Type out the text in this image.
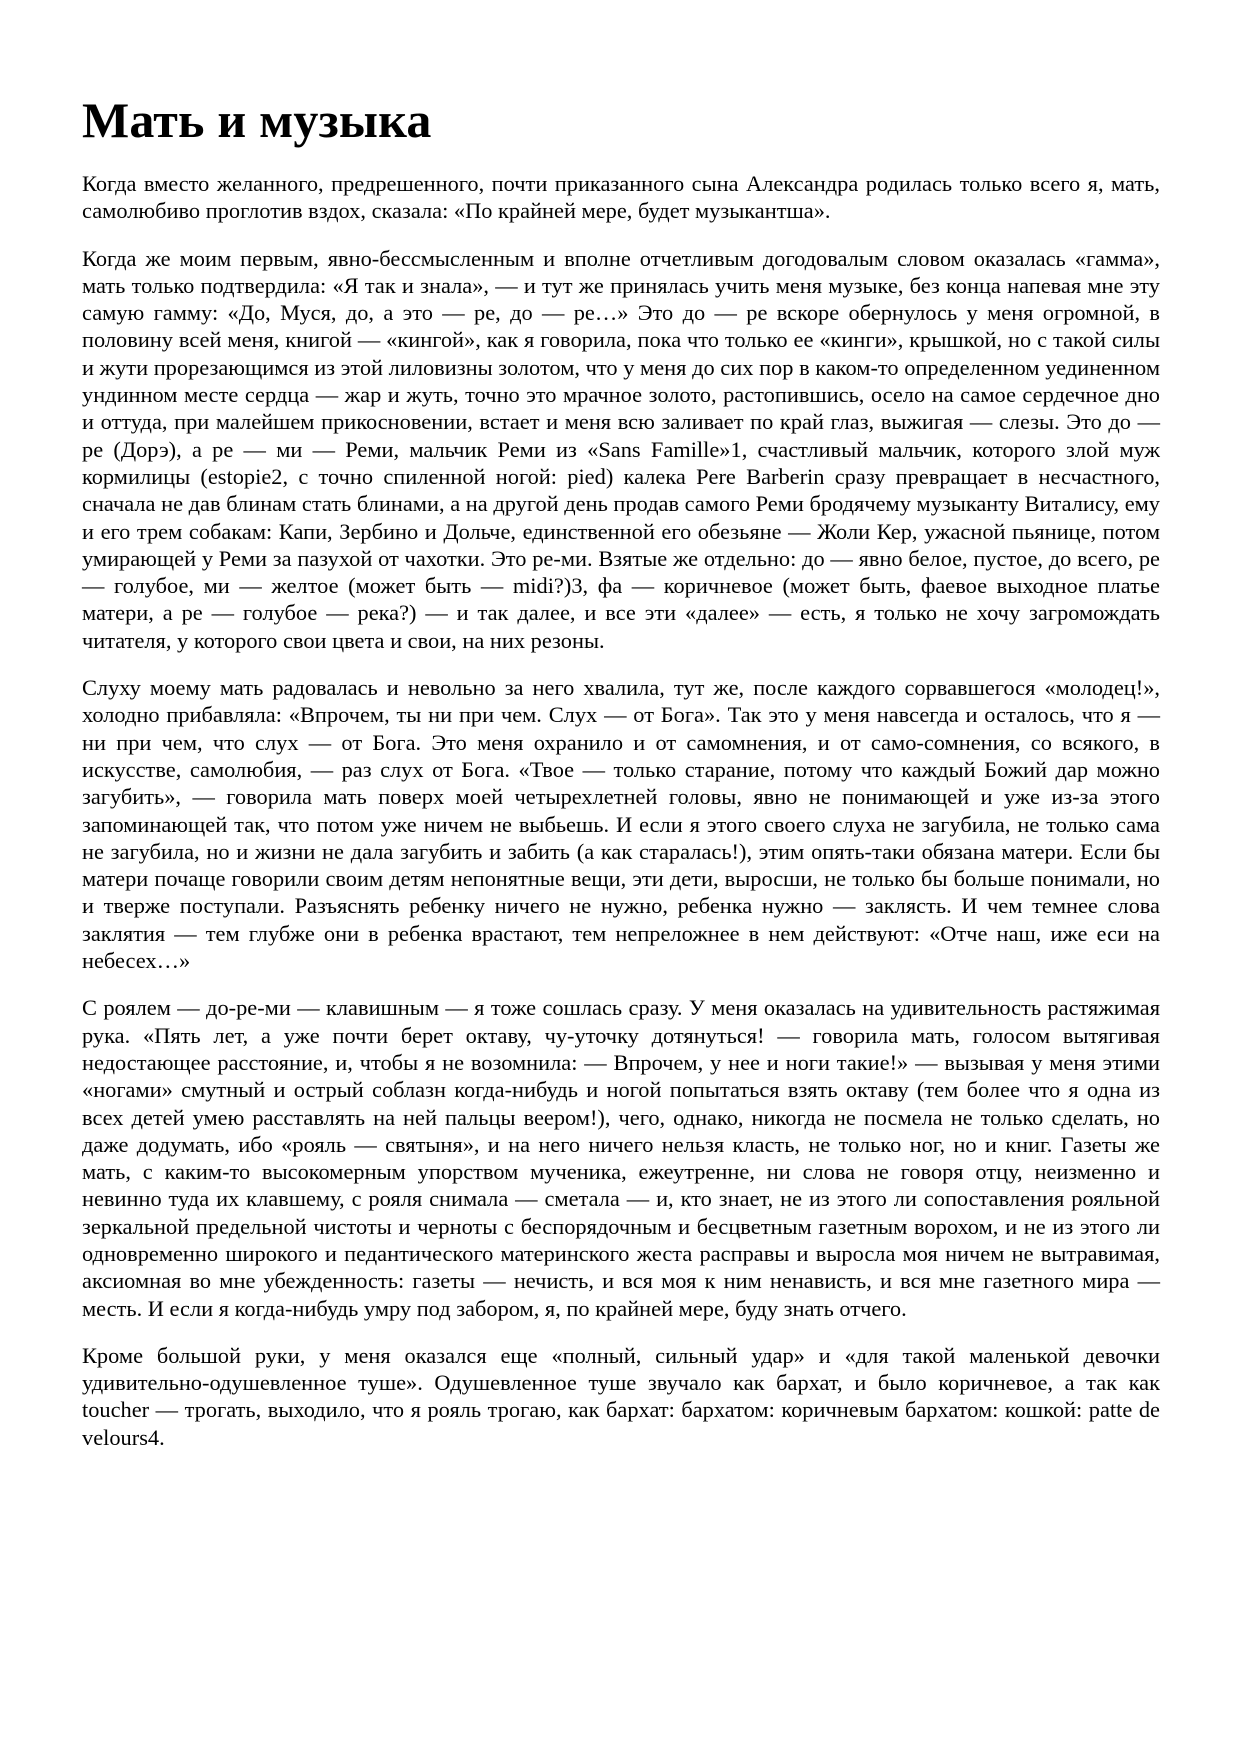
Мать и музыка

Когда вместо желанного, предрешенного, почти приказанного сына Александра родилась только всего я, мать, самолюбиво проглотив вздох, сказала: «По крайней мере, будет музыкантша».

Когда же моим первым, явно-бессмысленным и вполне отчетливым догодовалым словом оказалась «гамма», мать только подтвердила: «Я так и знала», — и тут же принялась учить меня музыке, без конца напевая мне эту самую гамму: «До, Муся, до, а это — ре, до — ре…» Это до — ре вскоре обернулось у меня огромной, в половину всей меня, книгой — «кингой», как я говорила, пока что только ее «кинги», крышкой, но с такой силы и жути прорезающимся из этой лиловизны золотом, что у меня до сих пор в каком-то определенном уединенном ундинном месте сердца — жар и жуть, точно это мрачное золото, растопившись, осело на самое сердечное дно и оттуда, при малейшем прикосновении, встает и меня всю заливает по край глаз, выжигая — слезы. Это до — ре (Дорэ), а ре — ми — Реми, мальчик Реми из «Sans Famille»1, счастливый мальчик, которого злой муж кормилицы (estopie2, с точно спиленной ногой: pied) калека Pere Barberin сразу превращает в несчастного, сначала не дав блинам стать блинами, а на другой день продав самого Реми бродячему музыканту Виталису, ему и его трем собакам: Капи, Зербино и Дольче, единственной его обезьяне — Жоли Кер, ужасной пьянице, потом умирающей у Реми за пазухой от чахотки. Это ре-ми. Взятые же отдельно: до — явно белое, пустое, до всего, ре — голубое, ми — желтое (может быть — midi?)3, фа — коричневое (может быть, фаевое выходное платье матери, а ре — голубое — река?) — и так далее, и все эти «далее» — есть, я только не хочу загромождать читателя, у которого свои цвета и свои, на них резоны.

Слуху моему мать радовалась и невольно за него хвалила, тут же, после каждого сорвавшегося «молодец!», холодно прибавляла: «Впрочем, ты ни при чем. Слух — от Бога». Так это у меня навсегда и осталось, что я — ни при чем, что слух — от Бога. Это меня охранило и от самомнения, и от само-сомнения, со всякого, в искусстве, самолюбия, — раз слух от Бога. «Твое — только старание, потому что каждый Божий дар можно загубить», — говорила мать поверх моей четырехлетней головы, явно не понимающей и уже из-за этого запоминающей так, что потом уже ничем не выбьешь. И если я этого своего слуха не загубила, не только сама не загубила, но и жизни не дала загубить и забить (а как старалась!), этим опять-таки обязана матери. Если бы матери почаще говорили своим детям непонятные вещи, эти дети, выросши, не только бы больше понимали, но и тверже поступали. Разъяснять ребенку ничего не нужно, ребенка нужно — заклясть. И чем темнее слова заклятия — тем глубже они в ребенка врастают, тем непреложнее в нем действуют: «Отче наш, иже еси на небесех…»

С роялем — до-ре-ми — клавишным — я тоже сошлась сразу. У меня оказалась на удивительность растяжимая рука. «Пять лет, а уже почти берет октаву, чу-уточку дотянуться! — говорила мать, голосом вытягивая недостающее расстояние, и, чтобы я не возомнила: — Впрочем, у нее и ноги такие!» — вызывая у меня этими «ногами» смутный и острый соблазн когда-нибудь и ногой попытаться взять октаву (тем более что я одна из всех детей умею расставлять на ней пальцы веером!), чего, однако, никогда не посмела не только сделать, но даже додумать, ибо «рояль — святыня», и на него ничего нельзя класть, не только ног, но и книг. Газеты же мать, с каким-то высокомерным упорством мученика, ежеутренне, ни слова не говоря отцу, неизменно и невинно туда их клавшему, с рояля снимала — сметала — и, кто знает, не из этого ли сопоставления рояльной зеркальной предельной чистоты и черноты с беспорядочным и бесцветным газетным ворохом, и не из этого ли одновременно широкого и педантического материнского жеста расправы и выросла моя ничем не вытравимая, аксиомная во мне убежденность: газеты — нечисть, и вся моя к ним ненависть, и вся мне газетного мира — месть. И если я когда-нибудь умру под забором, я, по крайней мере, буду знать отчего.

Кроме большой руки, у меня оказался еще «полный, сильный удар» и «для такой маленькой девочки удивительно-одушевленное туше». Одушевленное туше звучало как бархат, и было коричневое, а так как toucher — трогать, выходило, что я рояль трогаю, как бархат: бархатом: коричневым бархатом: кошкой: patte de velours4.
